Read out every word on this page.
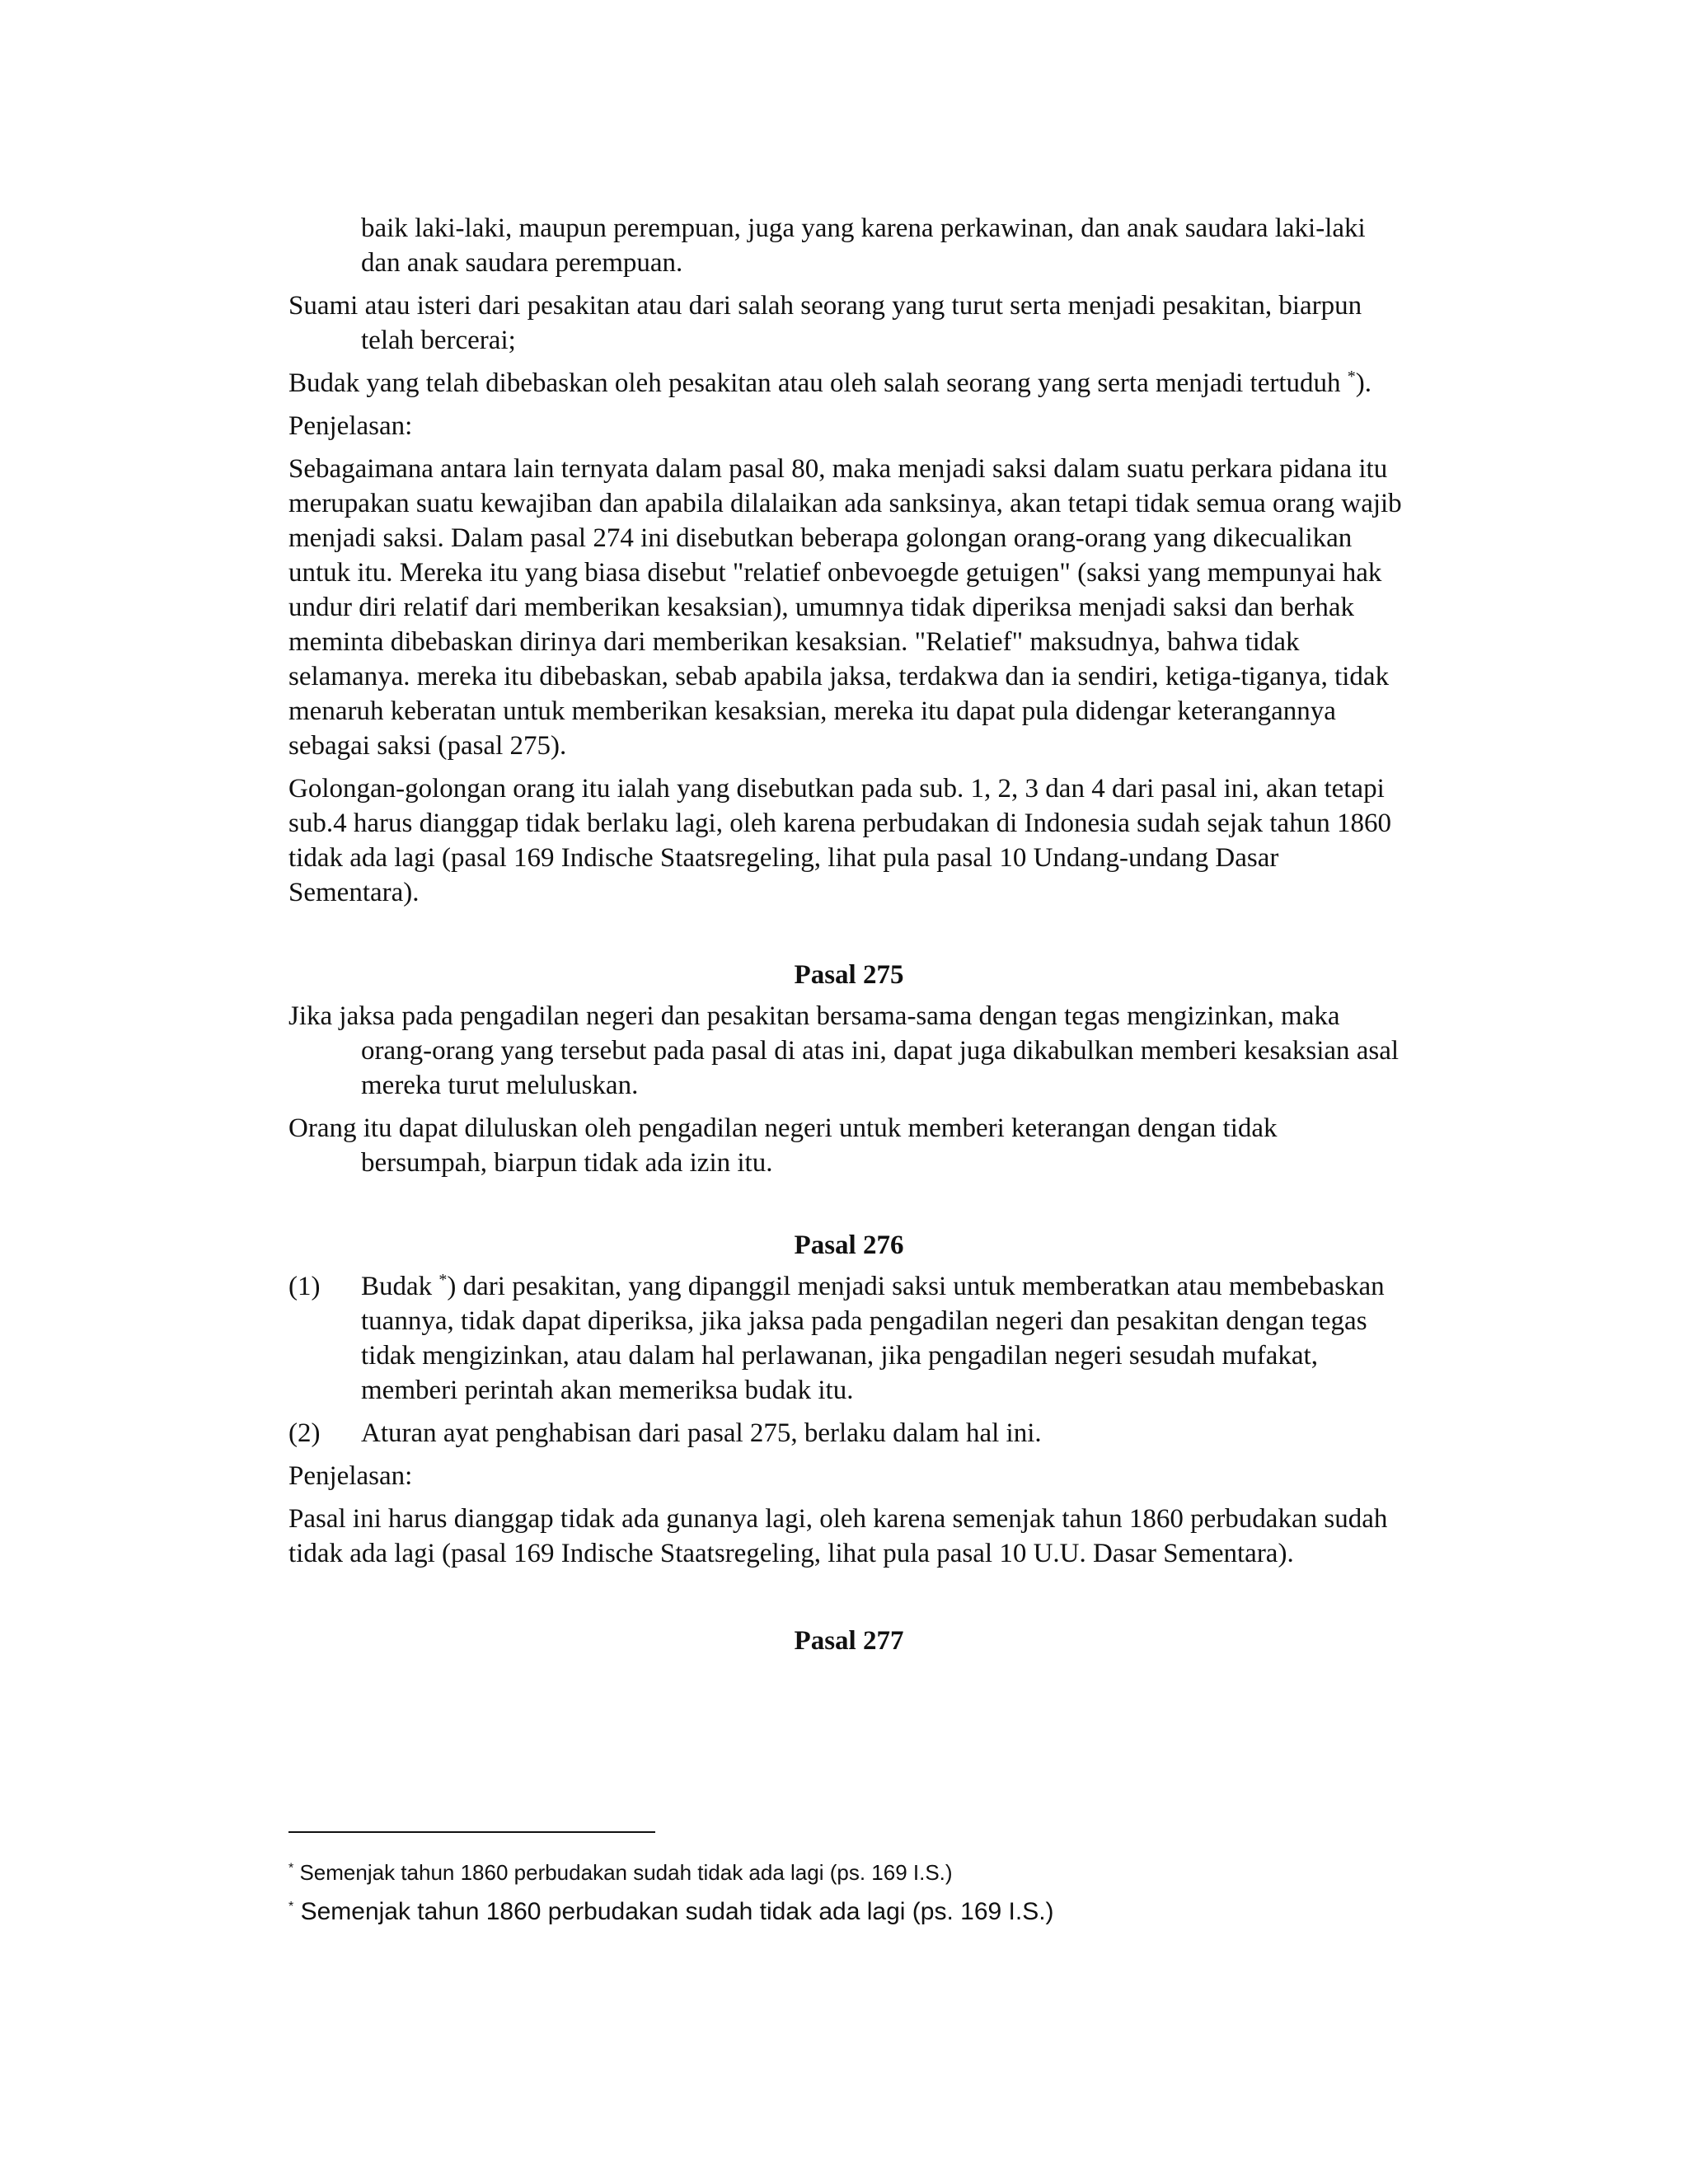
baik laki-laki, maupun perempuan, juga yang karena perkawinan, dan anak saudara laki-laki dan anak saudara perempuan.

Suami atau isteri dari pesakitan atau dari salah seorang yang turut serta menjadi pesakitan, biarpun telah bercerai;

Budak yang telah dibebaskan oleh pesakitan atau oleh salah seorang yang serta menjadi tertuduh *).

Penjelasan:

Sebagaimana antara lain ternyata dalam pasal 80, maka menjadi saksi dalam suatu perkara pidana itu merupakan suatu kewajiban dan apabila dilalaikan ada sanksinya, akan tetapi tidak semua orang wajib menjadi saksi. Dalam pasal 274 ini disebutkan beberapa golongan orang-orang yang dikecualikan untuk itu. Mereka itu yang biasa disebut "relatief onbevoegde getuigen" (saksi yang mempunyai hak undur diri relatif dari memberikan kesaksian), umumnya tidak diperiksa menjadi saksi dan berhak meminta dibebaskan dirinya dari memberikan kesaksian. "Relatief" maksudnya, bahwa tidak selamanya. mereka itu dibebaskan, sebab apabila jaksa, terdakwa dan ia sendiri, ketiga-tiganya, tidak menaruh keberatan untuk memberikan kesaksian, mereka itu dapat pula didengar keterangannya sebagai saksi (pasal 275).

Golongan-golongan orang itu ialah yang disebutkan pada sub. 1, 2, 3 dan 4 dari pasal ini, akan tetapi sub.4 harus dianggap tidak berlaku lagi, oleh karena perbudakan di Indonesia sudah sejak tahun 1860 tidak ada lagi (pasal 169 Indische Staatsregeling, lihat pula pasal 10 Undang-undang Dasar Sementara).

Pasal 275

Jika jaksa pada pengadilan negeri dan pesakitan bersama-sama dengan tegas mengizinkan, maka orang-orang yang tersebut pada pasal di atas ini, dapat juga dikabulkan memberi kesaksian asal mereka turut meluluskan.

Orang itu dapat diluluskan oleh pengadilan negeri untuk memberi keterangan dengan tidak bersumpah, biarpun tidak ada izin itu.

Pasal 276
(1)	Budak *) dari pesakitan, yang dipanggil menjadi saksi untuk memberatkan atau membebaskan tuannya, tidak dapat diperiksa, jika jaksa pada pengadilan negeri dan pesakitan dengan tegas tidak mengizinkan, atau dalam hal perlawanan, jika pengadilan negeri sesudah mufakat, memberi perintah akan memeriksa budak itu.
(2)	Aturan ayat penghabisan dari pasal 275, berlaku dalam hal ini.

Penjelasan:

Pasal ini harus dianggap tidak ada gunanya lagi, oleh karena semenjak tahun 1860 perbudakan sudah tidak ada lagi (pasal 169 Indische Staatsregeling, lihat pula pasal 10 U.U. Dasar Sementara).

Pasal 277

* Semenjak tahun 1860 perbudakan sudah tidak ada lagi (ps. 169 I.S.)

* Semenjak tahun 1860 perbudakan sudah tidak ada lagi (ps. 169 I.S.)
